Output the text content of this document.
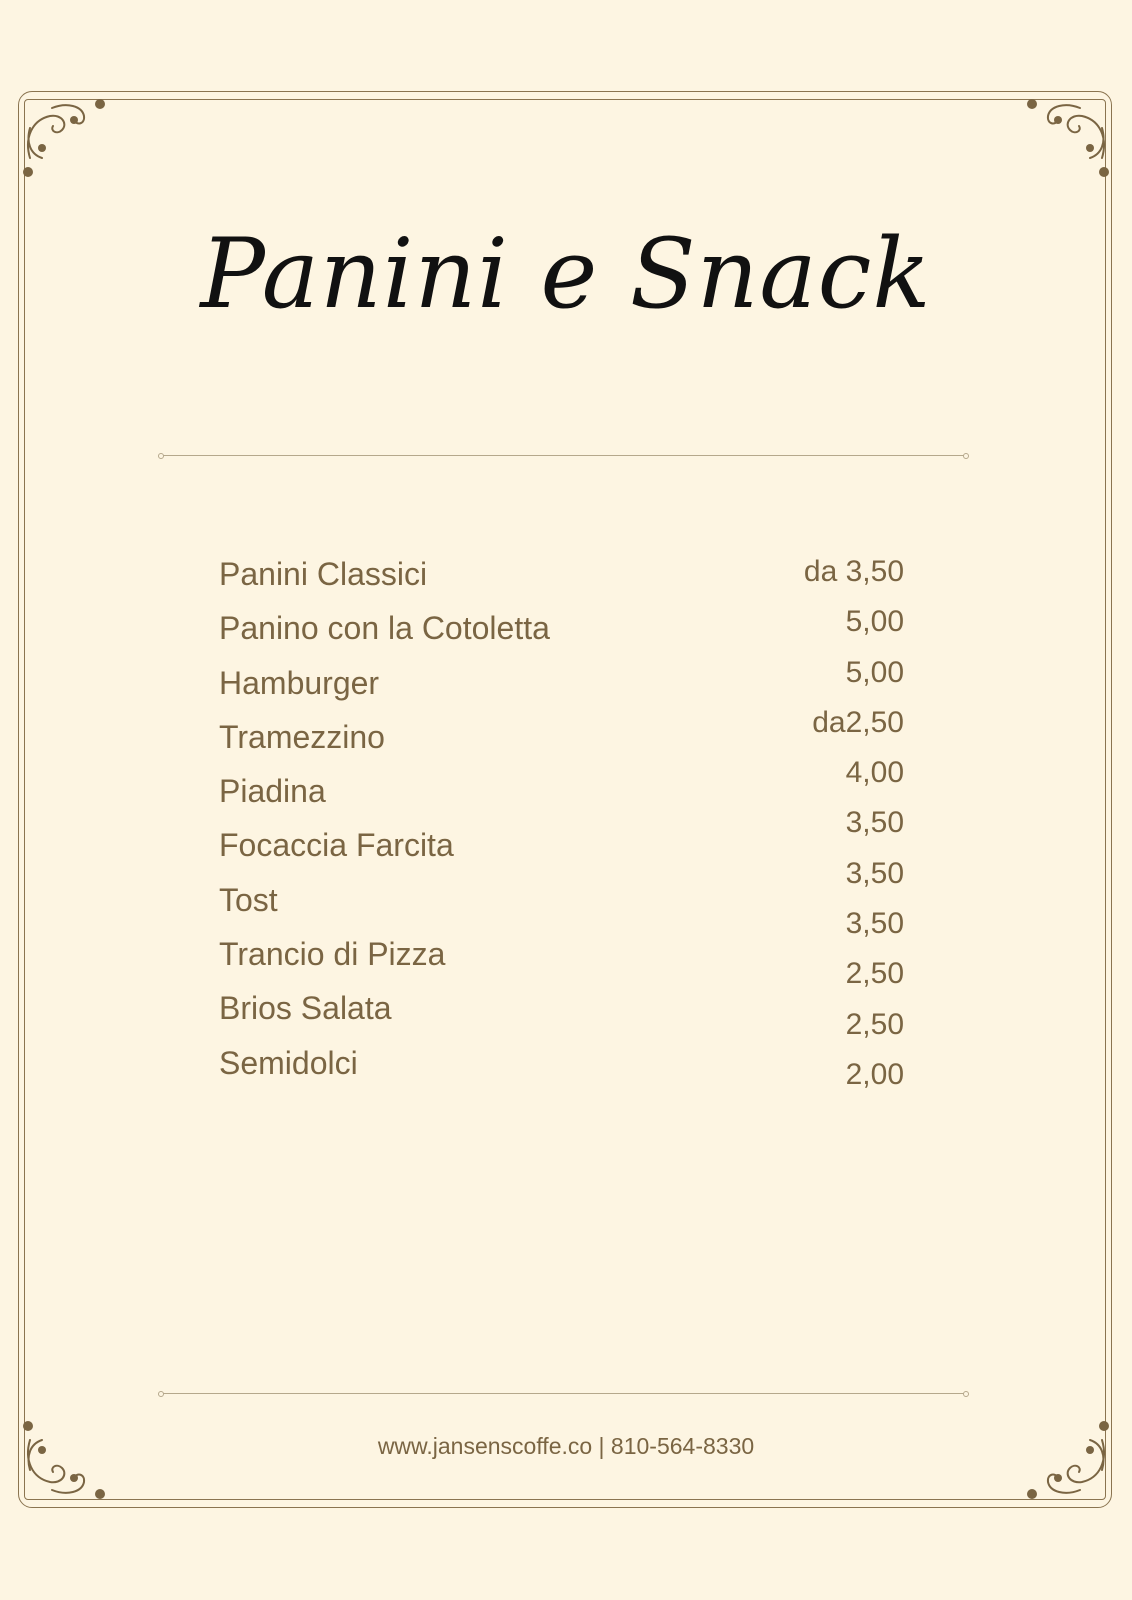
Panini e Snack
Panini Classici
Panino con la Cotoletta
Hamburger
Tramezzino
Piadina
Focaccia Farcita
Tost
Trancio di Pizza
Brios Salata
Semidolci
da 3,50
5,00
5,00
da2,50
4,00
3,50
3,50
3,50
2,50
2,50
2,00
www.jansenscoffe.co | 810-564-8330
